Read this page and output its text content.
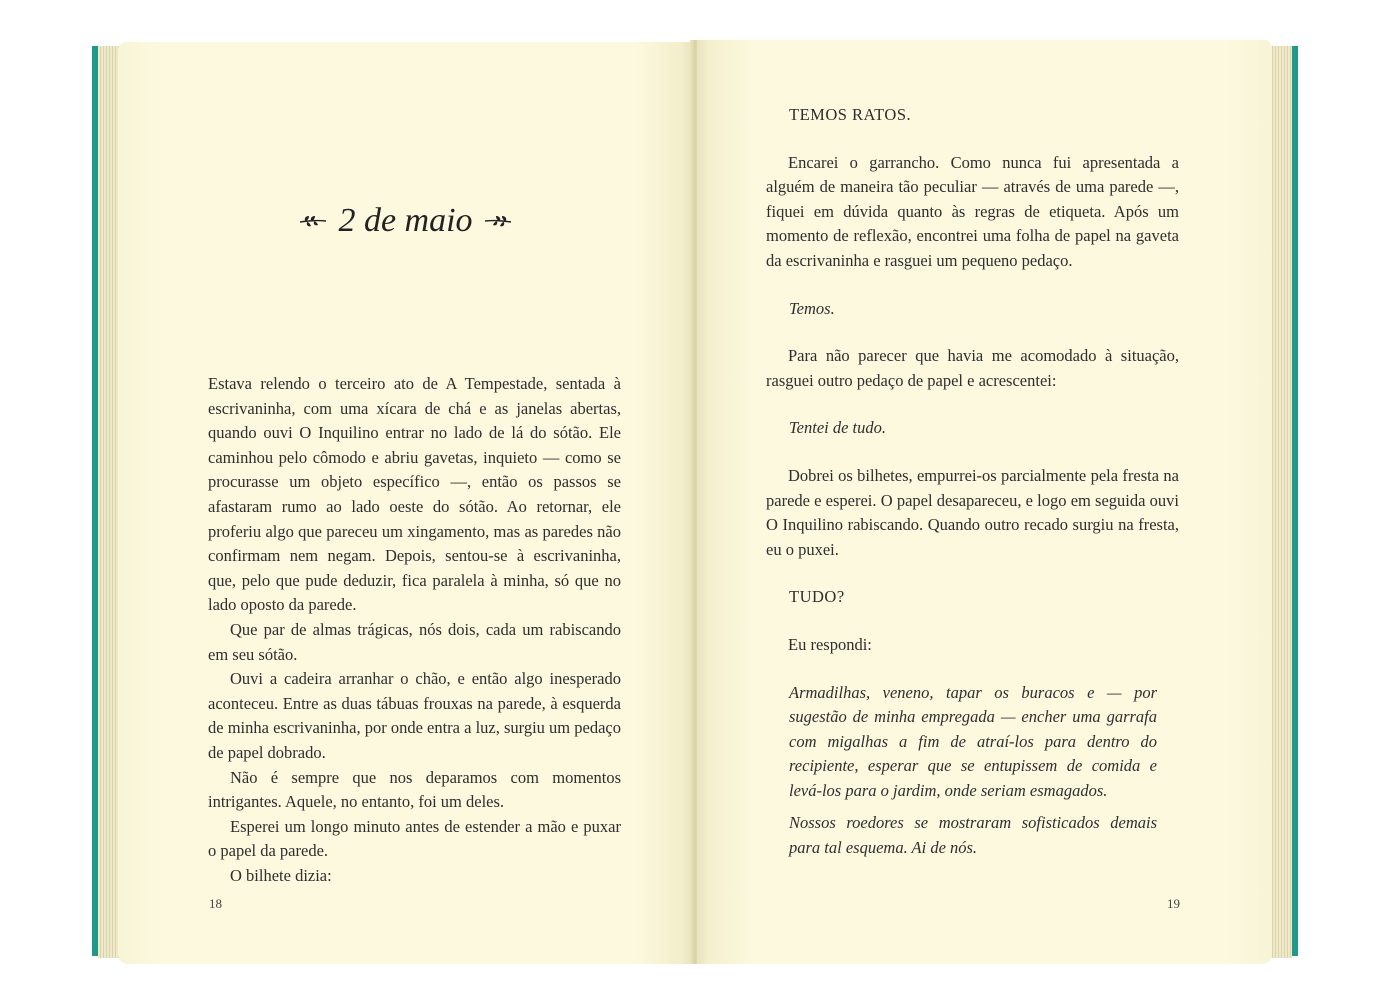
2 de maio

Estava relendo o terceiro ato de A Tempestade, sentada à escrivaninha, com uma xícara de chá e as janelas abertas, quando ouvi O Inquilino entrar no lado de lá do sótão. Ele caminhou pelo cômodo e abriu gavetas, inquieto — como se procurasse um objeto específico —, então os passos se afastaram rumo ao lado oeste do sótão. Ao retornar, ele proferiu algo que pareceu um xingamento, mas as paredes não confirmam nem negam. Depois, sentou-se à escrivaninha, que, pelo que pude deduzir, fica paralela à minha, só que no lado oposto da parede.

Que par de almas trágicas, nós dois, cada um rabiscando em seu sótão.

Ouvi a cadeira arranhar o chão, e então algo inesperado aconteceu. Entre as duas tábuas frouxas na parede, à esquerda de minha escrivaninha, por onde entra a luz, surgiu um pedaço de papel dobrado.

Não é sempre que nos deparamos com momentos intrigantes. Aquele, no entanto, foi um deles.

Esperei um longo minuto antes de estender a mão e puxar o papel da parede.

O bilhete dizia:

18

TEMOS RATOS.

Encarei o garrancho. Como nunca fui apresentada a alguém de maneira tão peculiar — através de uma parede —, fiquei em dúvida quanto às regras de etiqueta. Após um momento de reflexão, encontrei uma folha de papel na gaveta da escrivaninha e rasguei um pequeno pedaço.

Temos.

Para não parecer que havia me acomodado à situação, rasguei outro pedaço de papel e acrescentei:

Tentei de tudo.

Dobrei os bilhetes, empurrei-os parcialmente pela fresta na parede e esperei. O papel desapareceu, e logo em seguida ouvi O Inquilino rabiscando. Quando outro recado surgiu na fresta, eu o puxei.

TUDO?

Eu respondi:

Armadilhas, veneno, tapar os buracos e — por sugestão de minha empregada — encher uma garrafa com migalhas a fim de atraí-los para dentro do recipiente, esperar que se entupissem de comida e levá-los para o jardim, onde seriam esmagados.

Nossos roedores se mostraram sofisticados demais para tal esquema. Ai de nós.

19
